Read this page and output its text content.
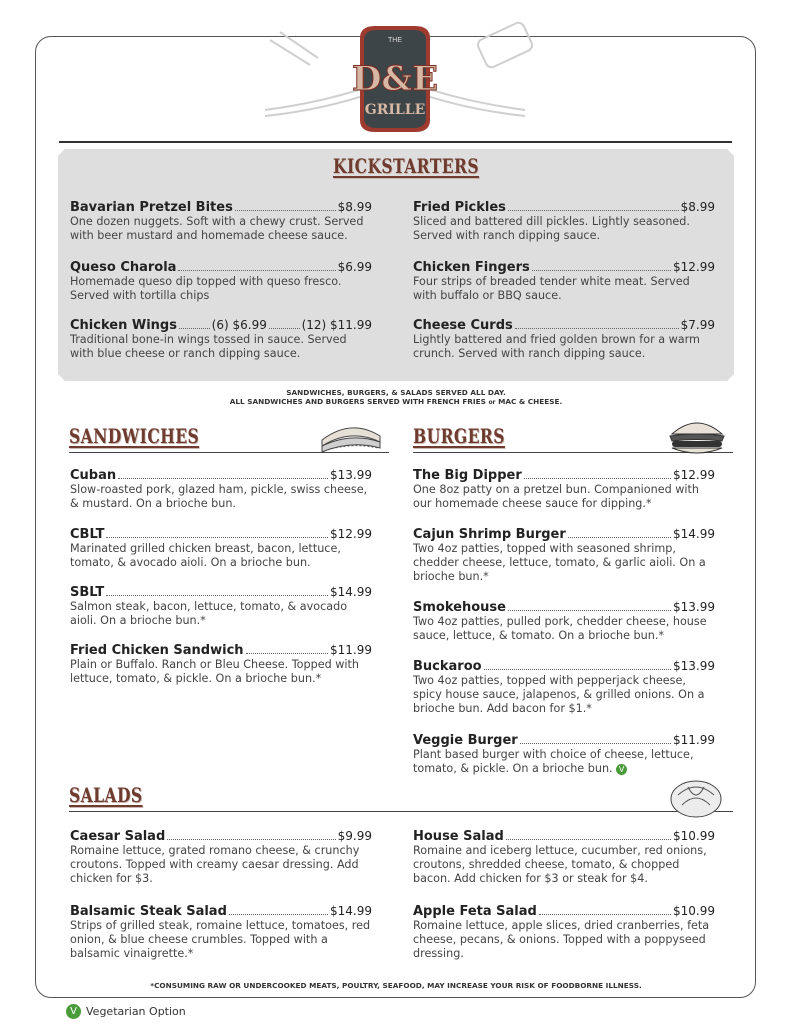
THE
D&E
GRILLE
KICKSTARTERS
Bavarian Pretzel Bites	$8.99
One dozen nuggets. Soft with a chewy crust. Served with beer mustard and homemade cheese sauce.
Fried Pickles	$8.99
Sliced and battered dill pickles. Lightly seasoned. Served with ranch dipping sauce.
Queso Charola	$6.99
Homemade queso dip topped with queso fresco. Served with tortilla chips
Chicken Fingers	$12.99
Four strips of breaded tender white meat. Served with buffalo or BBQ sauce.
Chicken Wings	(6) $6.99	(12) $11.99
Traditional bone-in wings tossed in sauce. Served with blue cheese or ranch dipping sauce.
Cheese Curds	$7.99
Lightly battered and fried golden brown for a warm crunch. Served with ranch dipping sauce.
SANDWICHES, BURGERS, & SALADS SERVED ALL DAY.
ALL SANDWICHES AND BURGERS SERVED WITH FRENCH FRIES or MAC & CHEESE.
SANDWICHES	BURGERS
Cuban	$13.99
Slow-roasted pork, glazed ham, pickle, swiss cheese, & mustard. On a brioche bun.
CBLT	$12.99
Marinated grilled chicken breast, bacon, lettuce, tomato, & avocado aioli. On a brioche bun.
SBLT	$14.99
Salmon steak, bacon, lettuce, tomato, & avocado aioli. On a brioche bun.*
Fried Chicken Sandwich	$11.99
Plain or Buffalo. Ranch or Bleu Cheese. Topped with lettuce, tomato, & pickle. On a brioche bun.*
The Big Dipper	$12.99
One 8oz patty on a pretzel bun. Companioned with our homemade cheese sauce for dipping.*
Cajun Shrimp Burger	$14.99
Two 4oz patties, topped with seasoned shrimp, chedder cheese, lettuce, tomato, & garlic aioli. On a brioche bun.*
Smokehouse	$13.99
Two 4oz patties, pulled pork, chedder cheese, house sauce, lettuce, & tomato. On a brioche bun.*
Buckaroo	$13.99
Two 4oz patties, topped with pepperjack cheese, spicy house sauce, jalapenos, & grilled onions. On a brioche bun. Add bacon for $1.*
Veggie Burger	$11.99
Plant based burger with choice of cheese, lettuce, tomato, & pickle. On a brioche bun. V
SALADS
Caesar Salad	$9.99
Romaine lettuce, grated romano cheese, & crunchy croutons. Topped with creamy caesar dressing. Add chicken for $3.
House Salad	$10.99
Romaine and iceberg lettuce, cucumber, red onions, croutons, shredded cheese, tomato, & chopped bacon. Add chicken for $3 or steak for $4.
Balsamic Steak Salad	$14.99
Strips of grilled steak, romaine lettuce, tomatoes, red onion, & blue cheese crumbles. Topped with a balsamic vinaigrette.*
Apple Feta Salad	$10.99
Romaine lettuce, apple slices, dried cranberries, feta cheese, pecans, & onions. Topped with a poppyseed dressing.
*CONSUMING RAW OR UNDERCOOKED MEATS, POULTRY, SEAFOOD, MAY INCREASE YOUR RISK OF FOODBORNE ILLNESS.
V Vegetarian Option
